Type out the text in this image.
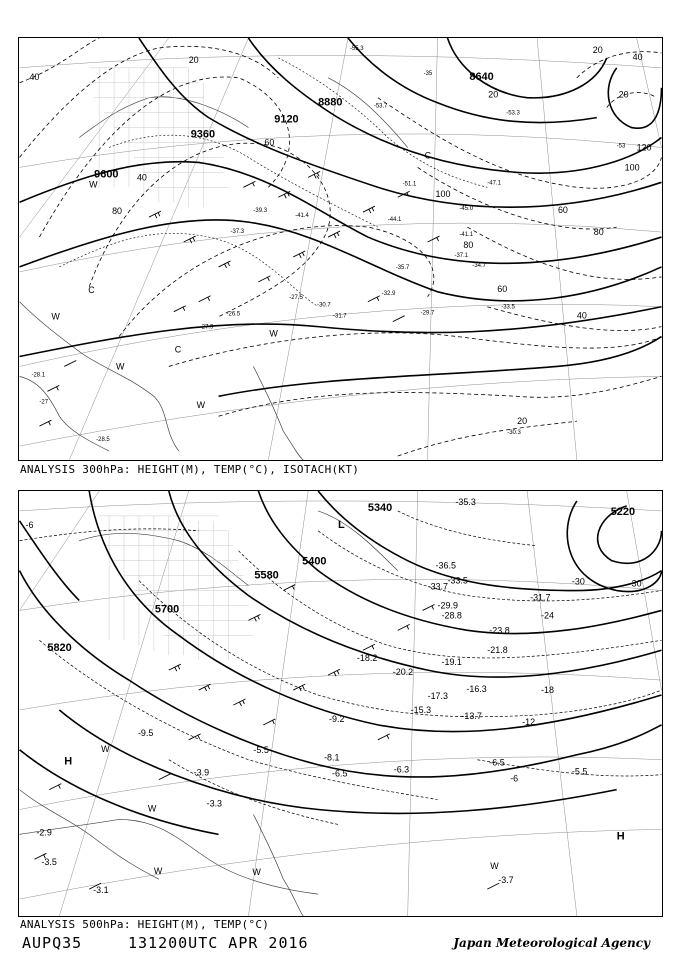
9600
9360
9120
8880
8640
40
20
60
40
80
100
80
60
40
60
80
100
120
20
40
20
20
20
-55.3
-53.7
-53.3
-51.1	-47.1
-45.0
-44.1
-41.4
-39.3
-37.3	-41.1
-37.1
-34.7
-35.7
-32.9
-33.5
-29.7
-31.7
-30.7
-27.5
-26.5
-27.9
-28.1
-30.3
-28.5
-27
-35
-53
C
C
C
W
W
W
W
W
ANALYSIS 300hPa: HEIGHT(M), TEMP(°C), ISOTACH(KT)
5220
5400
5580
5700
5820
5340
-6
-30	-30
-24
-18
-12
-6
-36.5
-33.5
-33.7
-29.9
-31.7
-28.8
-23.8
-21.8
-19.1
-16.3
-13.7
-15.3
-17.3
-20.2
-18.2
-9.2
-8.1
-6.3
-6.5
-6.5
-5.5
-3.3
-3.9
-2.9
-3.5
-3.1
-3.7
-9.5
-5.5
-35.3
H
H
L
W
W
W	W
W
ANALYSIS 500hPa: HEIGHT(M), TEMP(°C)
AUPQ35	131200UTC APR 2016	Japan Meteorological Agency
